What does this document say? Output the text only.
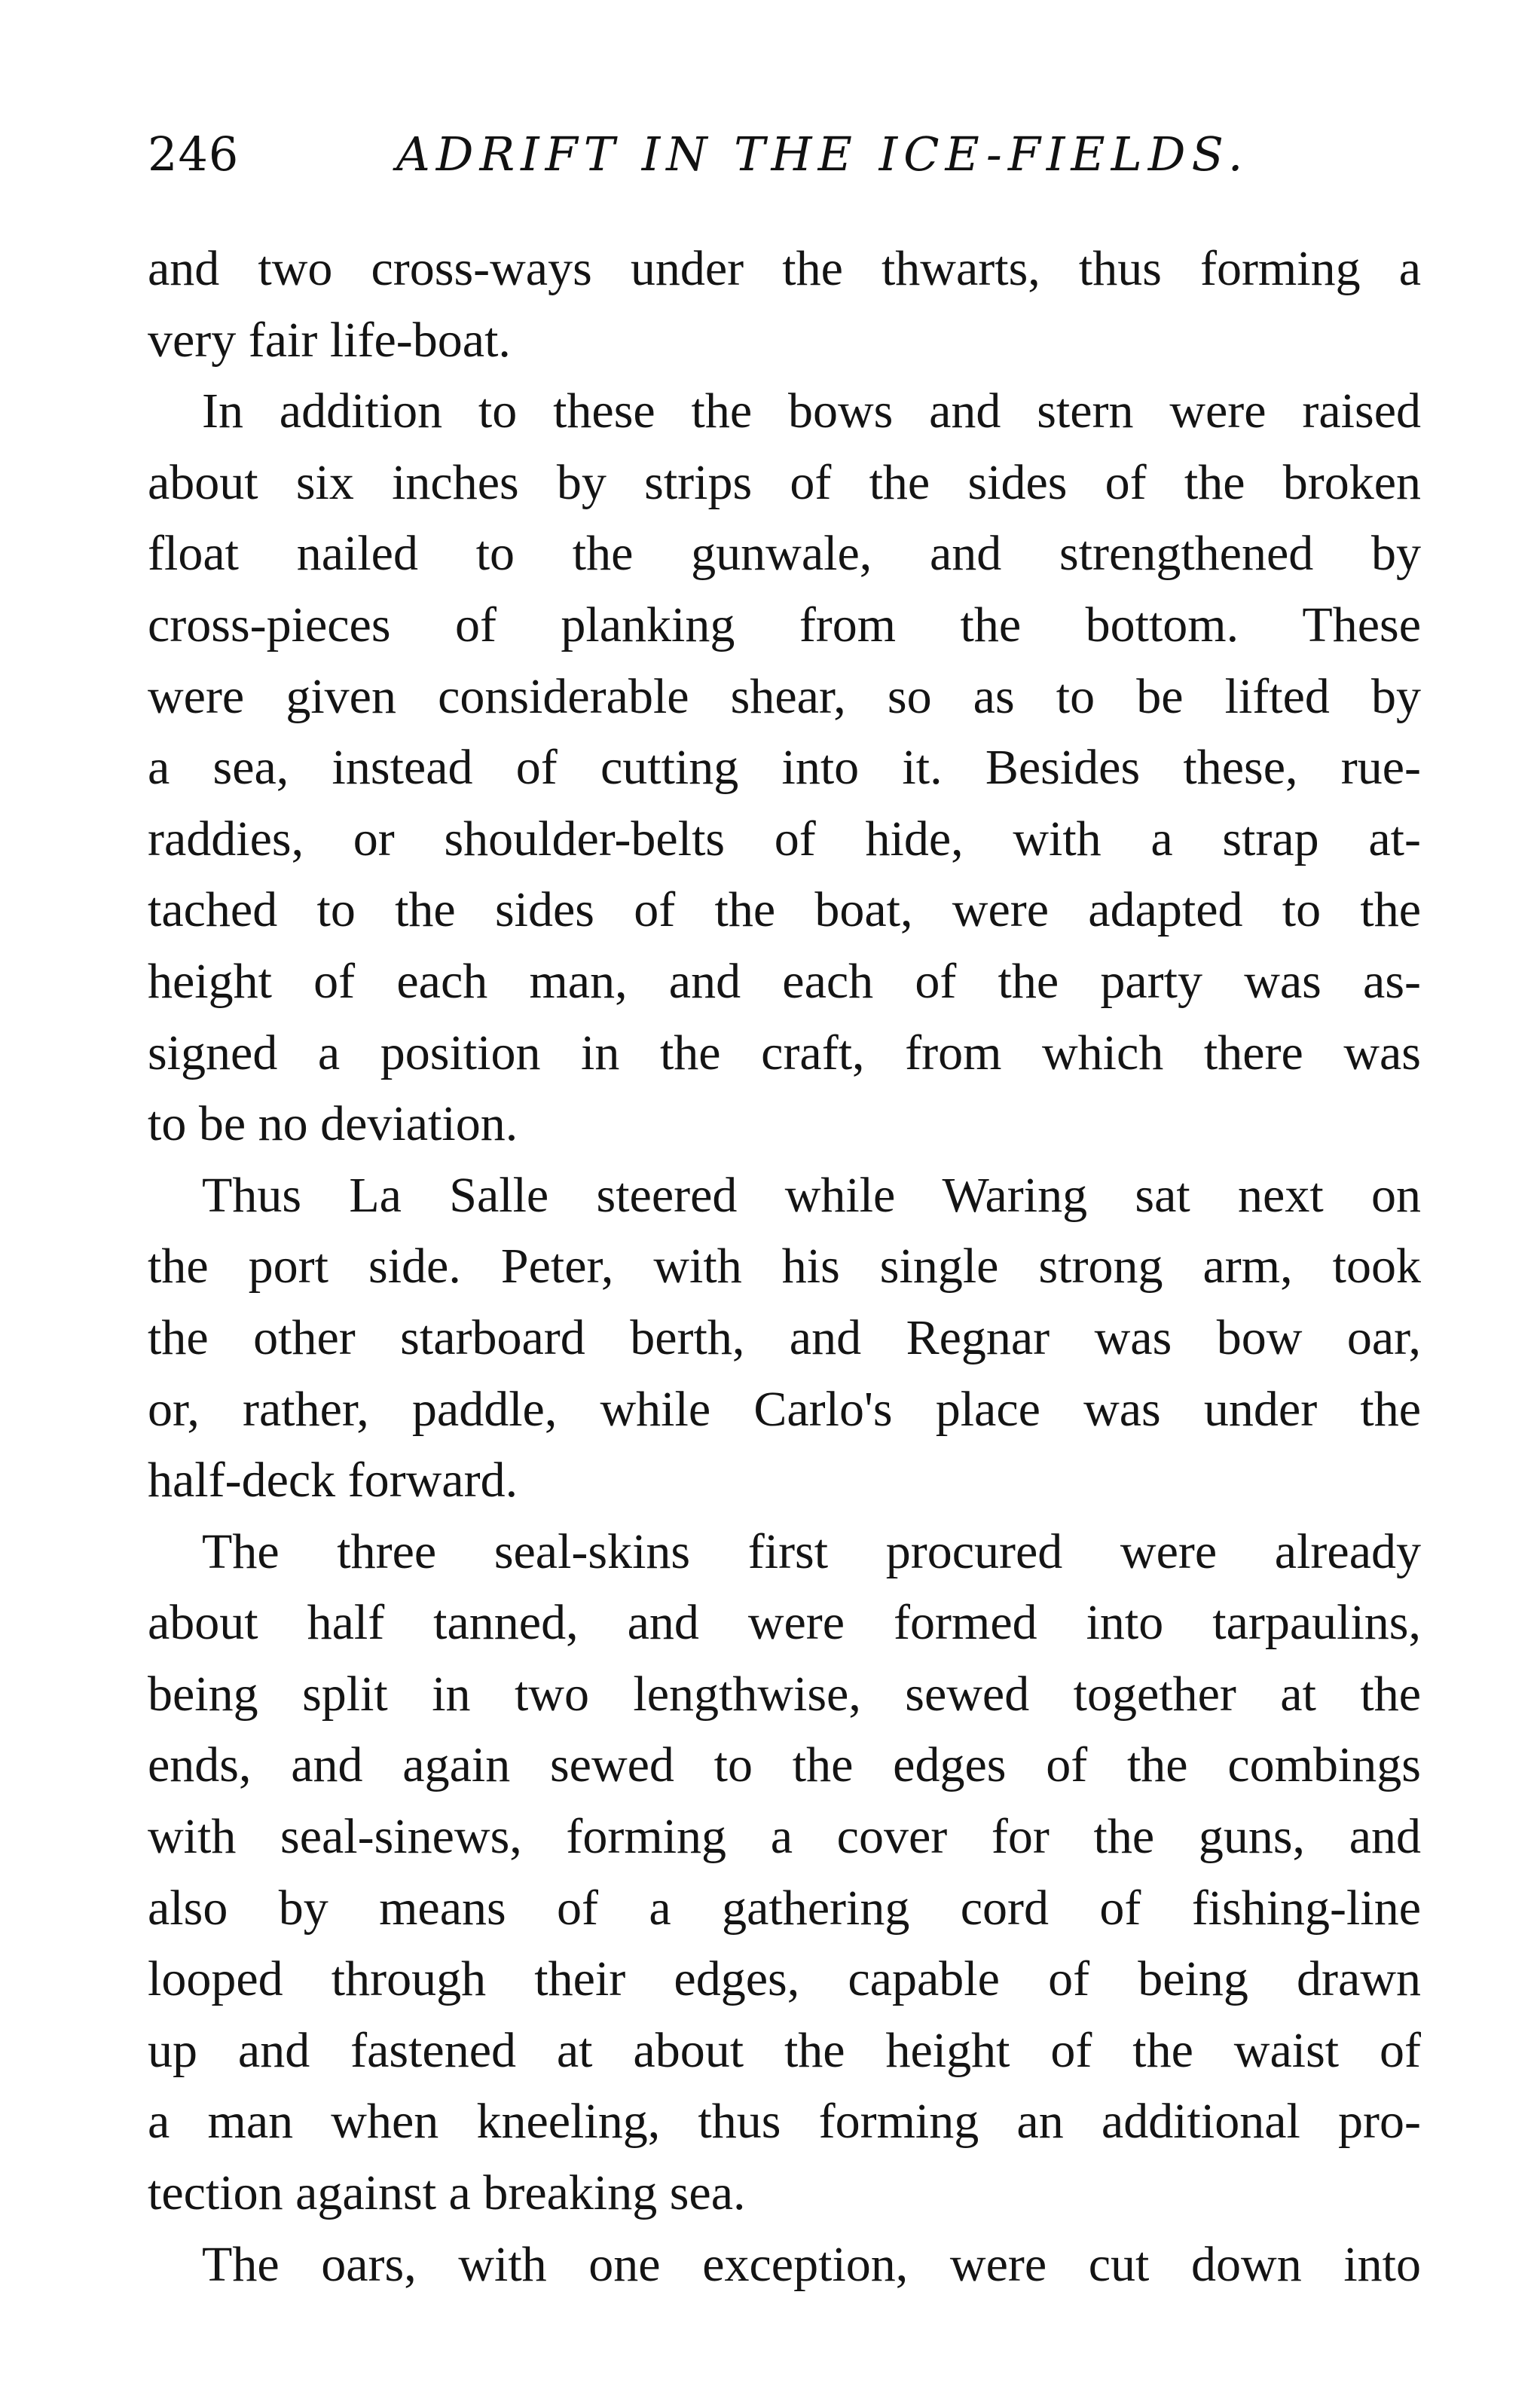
246	ADRIFT IN THE ICE-FIELDS.
and two cross-ways under the thwarts, thus forming a
very fair life-boat.
In addition to these the bows and stern were raised
about six inches by strips of the sides of the broken
float nailed to the gunwale, and strengthened by
cross-pieces of planking from the bottom. These
were given considerable shear, so as to be lifted by
a sea, instead of cutting into it. Besides these, rue-
raddies, or shoulder-belts of hide, with a strap at-
tached to the sides of the boat, were adapted to the
height of each man, and each of the party was as-
signed a position in the craft, from which there was
to be no deviation.
Thus La Salle steered while Waring sat next on
the port side. Peter, with his single strong arm, took
the other starboard berth, and Regnar was bow oar,
or, rather, paddle, while Carlo's place was under the
half-deck forward.
The three seal-skins first procured were already
about half tanned, and were formed into tarpaulins,
being split in two lengthwise, sewed together at the
ends, and again sewed to the edges of the combings
with seal-sinews, forming a cover for the guns, and
also by means of a gathering cord of fishing-line
looped through their edges, capable of being drawn
up and fastened at about the height of the waist of
a man when kneeling, thus forming an additional pro-
tection against a breaking sea.
The oars, with one exception, were cut down into
